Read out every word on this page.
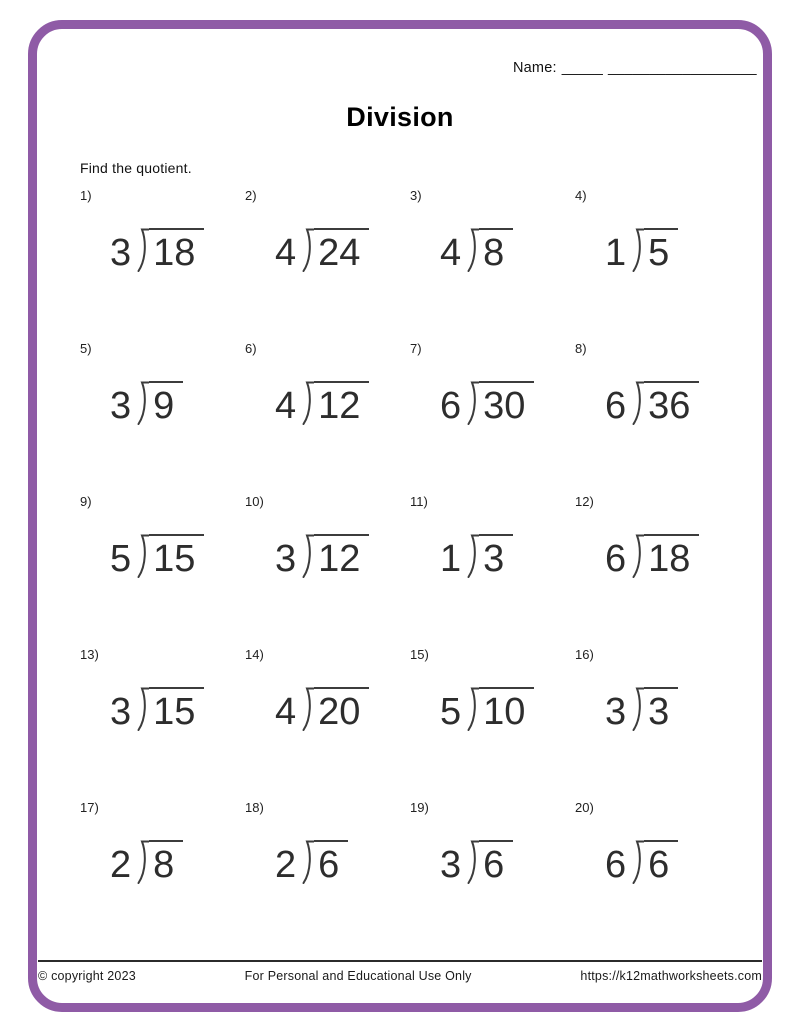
Name: _____ __________________
Division
Find the quotient.
1)
3 18
2)
4 24
3)
4 8
4)
1 5
5)
3 9
6)
4 12
7)
6 30
8)
6 36
9)
5 15
10)
3 12
11)
1 3
12)
6 18
13)
3 15
14)
4 20
15)
5 10
16)
3 3
17)
2 8
18)
2 6
19)
3 6
20)
6 6
© copyright 2023	For Personal and Educational Use Only	https://k12mathworksheets.com
